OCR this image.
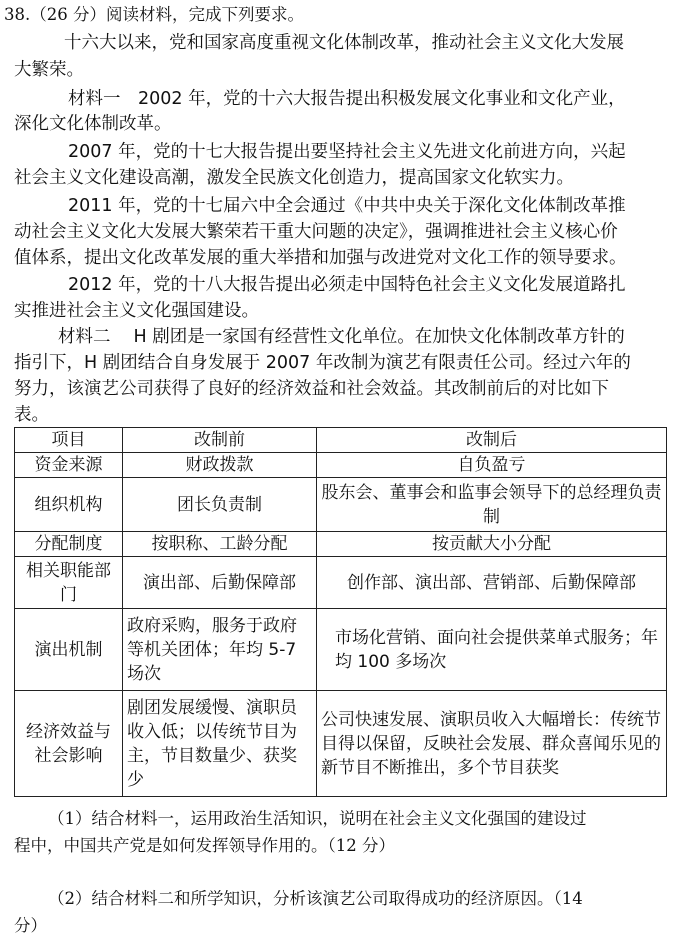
38.（26 分）阅读材料，完成下列要求。
十六大以来，党和国家高度重视文化体制改革，推动社会主义文化大发展
大繁荣。
材料一　2002 年，党的十六大报告提出积极发展文化事业和文化产业，
深化文化体制改革。
2007 年，党的十七大报告提出要坚持社会主义先进文化前进方向，兴起
社会主义文化建设高潮，激发全民族文化创造力，提高国家文化软实力。
2011 年，党的十七届六中全会通过《中共中央关于深化文化体制改革推
动社会主义文化大发展大繁荣若干重大问题的决定》，强调推进社会主义核心价
值体系，提出文化改革发展的重大举措和加强与改进党对文化工作的领导要求。
2012 年，党的十八大报告提出必须走中国特色社会主义文化发展道路扎
实推进社会主义文化强国建设。
材料二　 H 剧团是一家国有经营性文化单位。在加快文化体制改革方针的
指引下，H 剧团结合自身发展于 2007 年改制为演艺有限责任公司。经过六年的
努力，该演艺公司获得了良好的经济效益和社会效益。其改制前后的对比如下
表。
项目	改制前	改制后
资金来源	财政拨款	自负盈亏
组织机构	团长负责制	股东会、董事会和监事会领导下的总经理负责制
分配制度	按职称、工龄分配	按贡献大小分配
相关职能部门	演出部、后勤保障部	创作部、演出部、营销部、后勤保障部
演出机制	政府采购，服务于政府等机关团体；年均 5-7 场次	市场化营销、面向社会提供菜单式服务；年均 100 多场次
经济效益与社会影响	剧团发展缓慢、演职员收入低；以传统节目为主，节目数量少、获奖少	公司快速发展、演职员收入大幅增长：传统节目得以保留，反映社会发展、群众喜闻乐见的新节目不断推出，多个节目获奖
（1）结合材料一，运用政治生活知识，说明在社会主义文化强国的建设过
程中，中国共产党是如何发挥领导作用的。（12 分）
（2）结合材料二和所学知识，分析该演艺公司取得成功的经济原因。（14
分）
